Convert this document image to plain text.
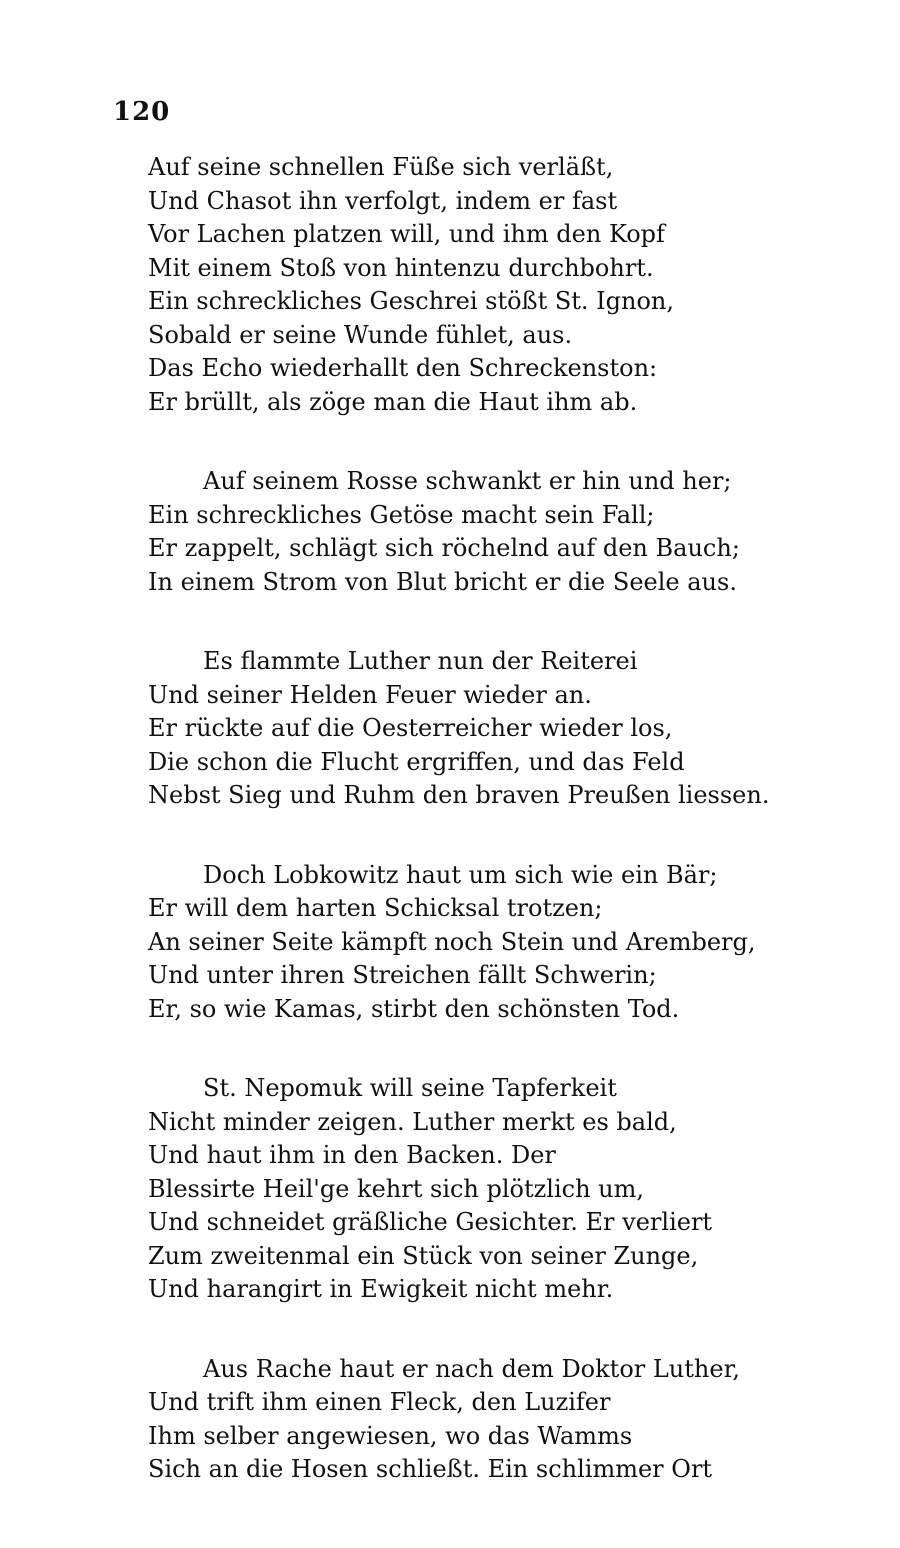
120
Auf seine schnellen Füße sich verläßt,
Und Chasot ihn verfolgt, indem er fast
Vor Lachen platzen will, und ihm den Kopf
Mit einem Stoß von hintenzu durchbohrt.
Ein schreckliches Geschrei stößt St. Ignon,
Sobald er seine Wunde fühlet, aus.
Das Echo wiederhallt den Schreckenston:
Er brüllt, als zöge man die Haut ihm ab.
Auf seinem Rosse schwankt er hin und her;
Ein schreckliches Getöse macht sein Fall;
Er zappelt, schlägt sich röchelnd auf den Bauch;
In einem Strom von Blut bricht er die Seele aus.
Es flammte Luther nun der Reiterei
Und seiner Helden Feuer wieder an.
Er rückte auf die Oesterreicher wieder los,
Die schon die Flucht ergriffen, und das Feld
Nebst Sieg und Ruhm den braven Preußen liessen.
Doch Lobkowitz haut um sich wie ein Bär;
Er will dem harten Schicksal trotzen;
An seiner Seite kämpft noch Stein und Aremberg,
Und unter ihren Streichen fällt Schwerin;
Er, so wie Kamas, stirbt den schönsten Tod.
St. Nepomuk will seine Tapferkeit
Nicht minder zeigen. Luther merkt es bald,
Und haut ihm in den Backen. Der
Blessirte Heil'ge kehrt sich plötzlich um,
Und schneidet gräßliche Gesichter. Er verliert
Zum zweitenmal ein Stück von seiner Zunge,
Und harangirt in Ewigkeit nicht mehr.
Aus Rache haut er nach dem Doktor Luther,
Und trift ihm einen Fleck, den Luzifer
Ihm selber angewiesen, wo das Wamms
Sich an die Hosen schließt. Ein schlimmer Ort
